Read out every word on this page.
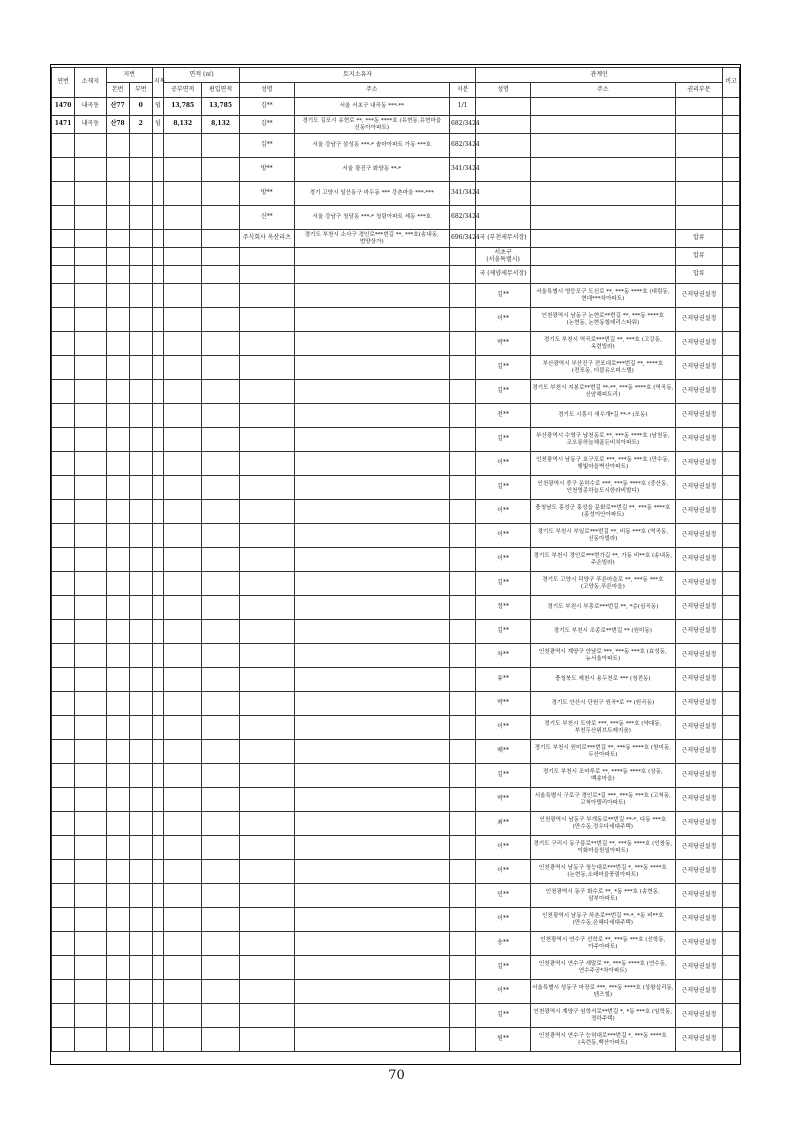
연번	소재지	지번		지목	면적 (㎡)		토지소유자			관계인			비고
		본번	부번		공부면적	편입면적	성명	주소	지분	성명	주소	권리부문	
1470	내곡동	산77	0	임	13,785	13,785	김**	서울 서초구 내곡동 ***-**	1/1				
1471	내곡동	산78	2	임	8,132	8,132	김**	경기도 김포시 유현로 **, ***동 ****호 (유현동,유현마을 신동아아파트)	682/3424				
							김**	서울 강남구 삼성동 ***-* 솔마아파트 가동 ***호	682/3424				
							방**	서울 광진구 화양동 **-*	341/3424				
							방**	경기 고양시 일산동구 마두동 *** 강촌마을 ***-***	341/3424				
							신**	서울 강남구 청담동 ***-* 청림아파트 세동 ***호	682/3424				
							주식회사 옥산리츠	경기도 부천시 소사구 경인로***번길 **, ***호(송내동,범양상가)	696/3424	국 (부천세무서장)		압류	
										서초구 (서울특별시)		압류	
										국 (제양세무서장)		압류	
										김**	서울특별시 영등포구 도신로 **, ***동 ****호 (대림동, 현대***차아파트)	근저당권설정	
										이**	인천광역시 남동구 논현로**번길 **, ***동 ****호 (논현동, 논현동힐데리스타워)	근저당권설정	
										박**	경기도 부천시 역곡로***번길 **, ***호 (고강동, 옥련빌라)	근저당권설정	
										김**	부산광역시 부산진구 전포대로***번길 **, ****호 (전포동, 더블유오피스텔)	근저당권설정	
										김**	경기도 부천시 지봉로**번길 **-**, ***동 ****호 (역곡동, 신암해피트리)	근저당권설정	
										전**	경기도 시흥시 새우개*길 **-* (포동)	근저당권설정	
										김**	부산광역시 수영구 남천동로 **, ***동 ****호 (남천동,코오롱하늘채골든비치아파트)	근저당권설정	
										이**	인천광역시 남동구 호구포로 ***, ***동 ***호 (만수동,햇빛마을벽산아파트)	근저당권설정	
										김**	인천광역시 중구 운하수로 ***, ***동 ****호 (중산동,인천영종하늘도시한라비발디)	근저당권설정	
										이**	충청남도 홍성군 홍성읍 문화로**번길 **, ***동 ****호 (홍성이안아파트)	근저당권설정	
										이**	경기도 부천시 부일로***번길 **, 비동 ***호 (역곡동,신동아빌라)	근저당권설정	
										이**	경기도 부천시 경인로***번가길 **, 가동 비**호 (송내동,주은빌라)	근저당권설정	
										김**	경기도 고양시 덕양구 푸른마을로 **, ***동 ***호 (고양동,푸른마을)	근저당권설정	
										정**	경기도 부천시 부흥로***번길 **, *층(심곡동)	근저당권설정	
										김**	경기도 부천시 조종로**번길 ** (원미동)	근저당권설정	
										차**	인천광역시 계양구 안남로 ***, ***동 ***호 (효성동,뉴서울아파트)	근저당권설정	
										유**	충청북도 제천시 용두천로 *** (청전동)	근저당권설정	
										박**	경기도 안산시 단원구 원곡*로 ** (원곡동)	근저당권설정	
										이**	경기도 부천시 도약로 ***, ***동 ***호 (약대동,부천두산위브트레지움)	근저당권설정	
										배**	경기도 부천시 원미로***번길 **, ***동 ****호 (원미동,두산아파트)	근저당권설정	
										김**	경기도 부천시 조마루로 **, ****동 ****호 (상동,백송마을)	근저당권설정	
										박**	서울특별시 구로구 경인로*길 ***, ***동 ***호 (고척동,고척아델리아파트)	근저당권설정	
										최**	인천광역시 남동구 부개동로**번길 **-*, 다동 ***호 (만수동,정우다세대주택)	근저당권설정	
										이**	경기도 구리시 동구릉로**번길 **, ***동 ****호 (인창동,이화마을원일아파트)	근저당권설정	
										이**	인천광역시 남동구 청능대로***번길 *, ***동 ****호 (논현동,소래마을풍림아파트)	근저당권설정	
										민**	인천광역시 동구 화수로 **, *동 ***호 (송현동,삼부아파트)	근저당권설정	
										이**	인천광역시 남동구 하촌로**번길 **-*, *동 비**호 (만수동,은혜다세대주택)	근저당권설정	
										송**	인천광역시 연수구 선학로 **, ***동 ***호 (선학동, 아주아파트)	근저당권설정	
										김**	인천광역시 연수구 새말로 **, ***동 ****호 (연수동, 연수주공*차아파트)	근저당권설정	
										이**	서울특별시 성동구 마장로 ***, ***동 ****호 (상왕십리동, 텐즈힐)	근저당권설정	
										김**	인천광역시 계양구 임학서로**번길 *, *동 ***호 (임학동,정하주택)	근저당권설정	
										원**	인천광역시 연수구 능허대로***번길 *, ***동 ****호 (옥련동,백산아파트)	근저당권설정	
70
